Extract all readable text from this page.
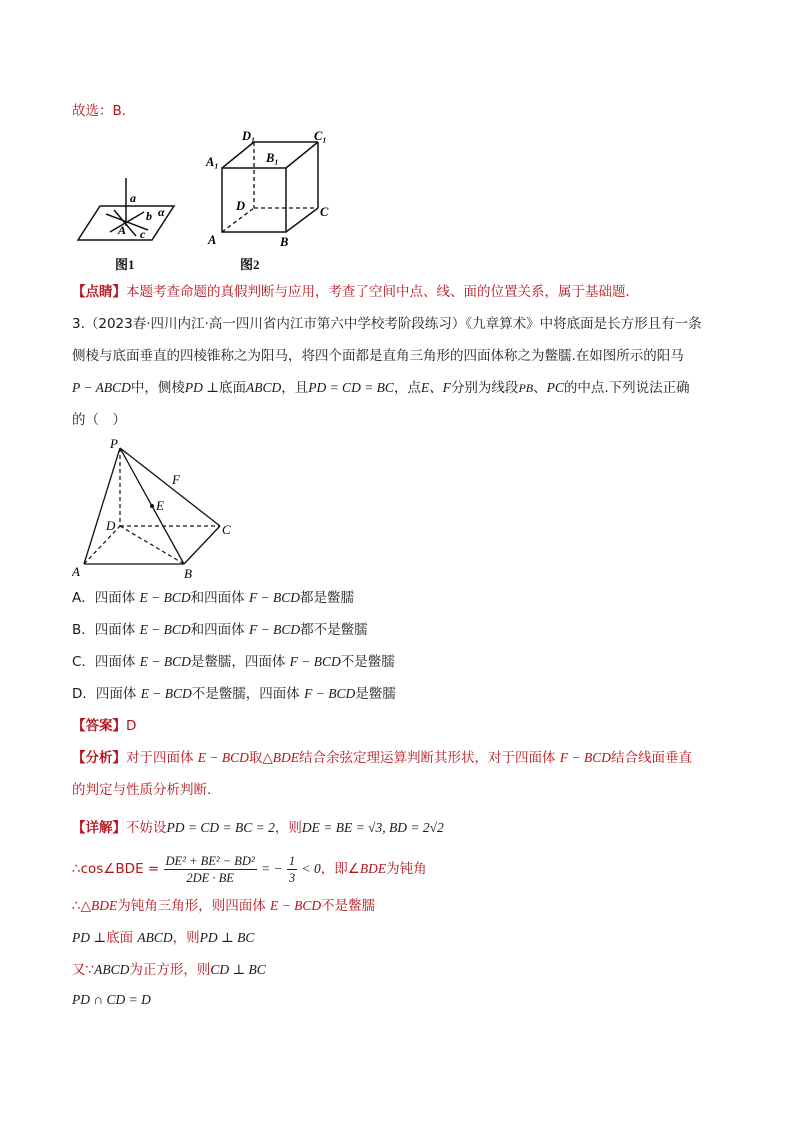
故选：B．
a
b α
c
A
图1
D₁	C₁
A₁	B₁
D	C
A	B
图2
【点睛】本题考查命题的真假判断与应用，考查了空间中点、线、面的位置关系，属于基础题．
3.（2023春·四川内江·高一四川省内江市第六中学校考阶段练习）《九章算术》中将底面是长方形且有一条
侧棱与底面垂直的四棱锥称之为阳马，将四个面都是直角三角形的四面体称之为鳖臑.在如图所示的阳马
P − ABCD中，侧棱PD ⊥底面ABCD，且PD = CD = BC，点E、F分别为线段PB、PC的中点.下列说法正确
的（　）
P
F
E
D	C
A	B
A．四面体 E − BCD和四面体 F − BCD都是鳖臑
B．四面体 E − BCD和四面体 F − BCD都不是鳖臑
C．四面体 E − BCD是鳖臑，四面体 F − BCD不是鳖臑
D．四面体 E − BCD不是鳖臑，四面体 F − BCD是鳖臑
【答案】D
【分析】对于四面体 E − BCD取△BDE结合余弦定理运算判断其形状，对于四面体 F − BCD结合线面垂直
的判定与性质分析判断.
【详解】不妨设PD = CD = BC = 2，则DE = BE = √3, BD = 2√2
∴cos∠BDE = $\frac{\text{DE² + BE² − BD²}}{2DE \cdot BE}$ = − $\frac{1}{3} < 0$，即∠BDE为钝角
∴△BDE为钝角三角形，则四面体 E − BCD不是鳖臑
PD ⊥底面 ABCD，则PD ⊥ BC
又∵ABCD为正方形，则CD ⊥ BC
PD ∩ CD = D
